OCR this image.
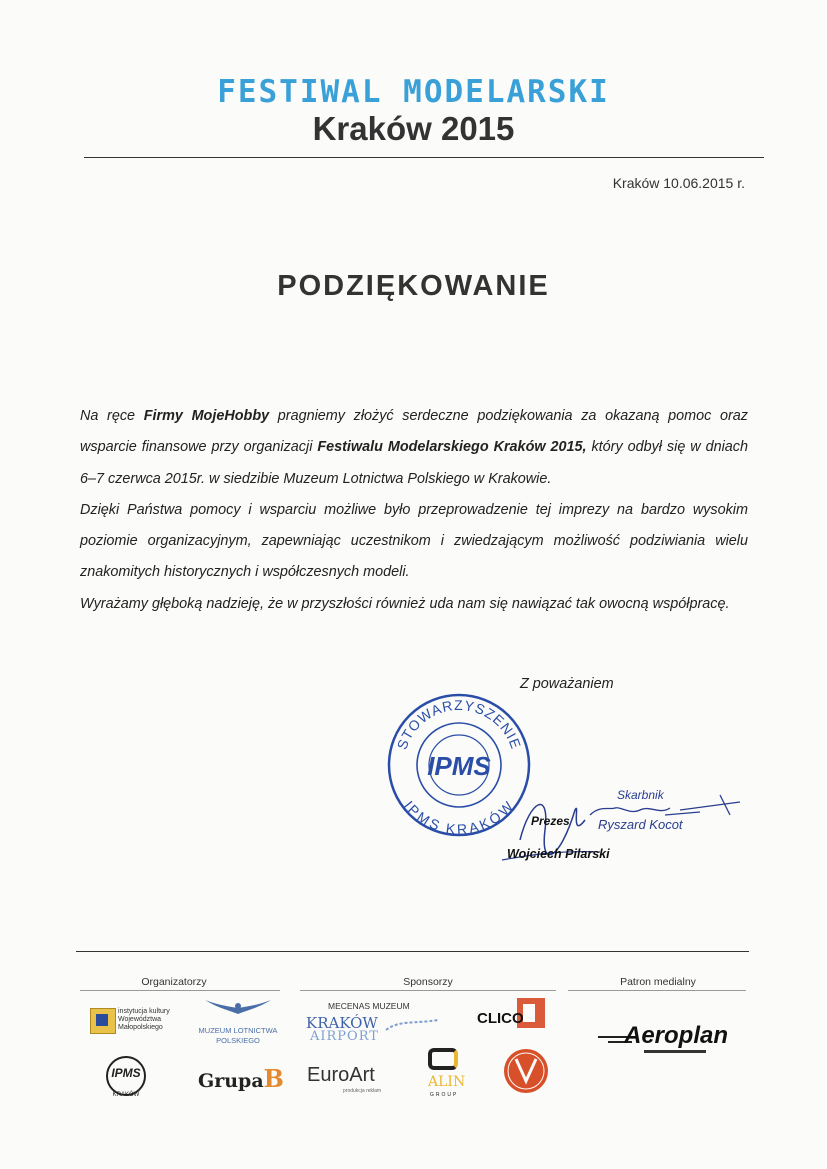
FESTIWAL MODELARSKI
Kraków 2015
Kraków 10.06.2015 r.
PODZIĘKOWANIE

Na ręce Firmy MojeHobby pragniemy złożyć serdeczne podziękowania za okazaną pomoc oraz wsparcie finansowe przy organizacji Festiwalu Modelarskiego Kraków 2015, który odbył się w dniach 6–7 czerwca 2015r. w siedzibie Muzeum Lotnictwa Polskiego w Krakowie.

Dzięki Państwa pomocy i wsparciu możliwe było przeprowadzenie tej imprezy na bardzo wysokim poziomie organizacyjnym, zapewniając uczestnikom i zwiedzającym możliwość podziwiania wielu znakomitych historycznych i współczesnych modeli.

Wyrażamy głęboką nadzieję, że w przyszłości również uda nam się nawiązać tak owocną współpracę.

Z poważaniem
STOWARZYSZENIE
IPMS KRAKÓW
IPMS
Skarbnik
Ryszard Kocot
Prezes
Wojciech Pilarski
Organizatorzy	Sponsorzy	Patron medialny
instytucja kultury Województwa Małopolskiego	MUZEUM LOTNICTWA POLSKIEGO
IPMS
KRAKÓW
GrupaB
MECENAS MUZEUM
KRAKÓW
AIRPORT
EuroArt
produkcja reklam
CLICO
ALIN
GROUP
Aeroplan
